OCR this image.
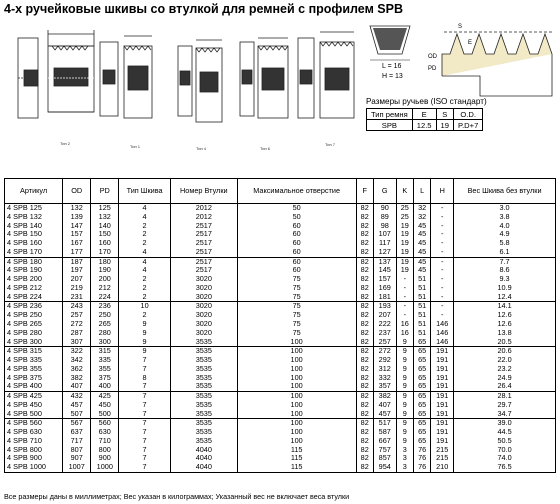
4-х ручейковые шкивы со втулкой для ремней с профилем SPB
Тип 2
Тип 1	Тип 4	Тип 6
Тип 7
L = 16
H = 13
E
S
OD
PD
Размеры ручьев (ISO стандарт)
Тип ремня	E	S	O.D.
SPB	12.5	19	P.D+7
Артикул	OD	PD	Тип Шкива	Номер Втулки	Максимальное отверстие	F	G	K	L	H	Вес Шкива без втулки
4 SPB 125	132	125	4	2012	50	82	90	25	32	-	3.0
4 SPB 132	139	132	4	2012	50	82	89	25	32	-	3.8
4 SPB 140	147	140	2	2517	60	82	98	19	45	-	4.0
4 SPB 150	157	150	2	2517	60	82	107	19	45	-	4.9
4 SPB 160	167	160	2	2517	60	82	117	19	45	-	5.8
4 SPB 170	177	170	4	2517	60	82	127	19	45	-	6.1
4 SPB 180	187	180	4	2517	60	82	137	19	45	-	7.7
4 SPB 190	197	190	4	2517	60	82	145	19	45	-	8.6
4 SPB 200	207	200	2	3020	75	82	157	-	51	-	9.3
4 SPB 212	219	212	2	3020	75	82	169	-	51	-	10.9
4 SPB 224	231	224	2	3020	75	82	181	-	51	-	12.4
4 SPB 236	243	236	10	3020	75	82	193	-	51	-	14.1
4 SPB 250	257	250	2	3020	75	82	207	-	51	-	12.6
4 SPB 265	272	265	9	3020	75	82	222	16	51	146	12.6
4 SPB 280	287	280	9	3020	75	82	237	16	51	146	13.8
4 SPB 300	307	300	9	3535	100	82	257	9	65	146	20.5
4 SPB 315	322	315	9	3535	100	82	272	9	65	191	20.6
4 SPB 335	342	335	7	3535	100	82	292	9	65	191	22.0
4 SPB 355	362	355	7	3535	100	82	312	9	65	191	23.2
4 SPB 375	382	375	8	3535	100	82	332	9	65	191	24.9
4 SPB 400	407	400	7	3535	100	82	357	9	65	191	26.4
4 SPB 425	432	425	7	3535	100	82	382	9	65	191	28.1
4 SPB 450	457	450	7	3535	100	82	407	9	65	191	29.7
4 SPB 500	507	500	7	3535	100	82	457	9	65	191	34.7
4 SPB 560	567	560	7	3535	100	82	517	9	65	191	39.0
4 SPB 630	637	630	7	3535	100	82	587	9	65	191	44.5
4 SPB 710	717	710	7	3535	100	82	667	9	65	191	50.5
4 SPB 800	807	800	7	4040	115	82	757	3	76	215	70.0
4 SPB 900	907	900	7	4040	115	82	857	3	76	215	74.0
4 SPB 1000	1007	1000	7	4040	115	82	954	3	76	210	76.5
Все размеры даны в миллиметрах; Вес указан в килограммах; Указанный вес не включает веса втулки
